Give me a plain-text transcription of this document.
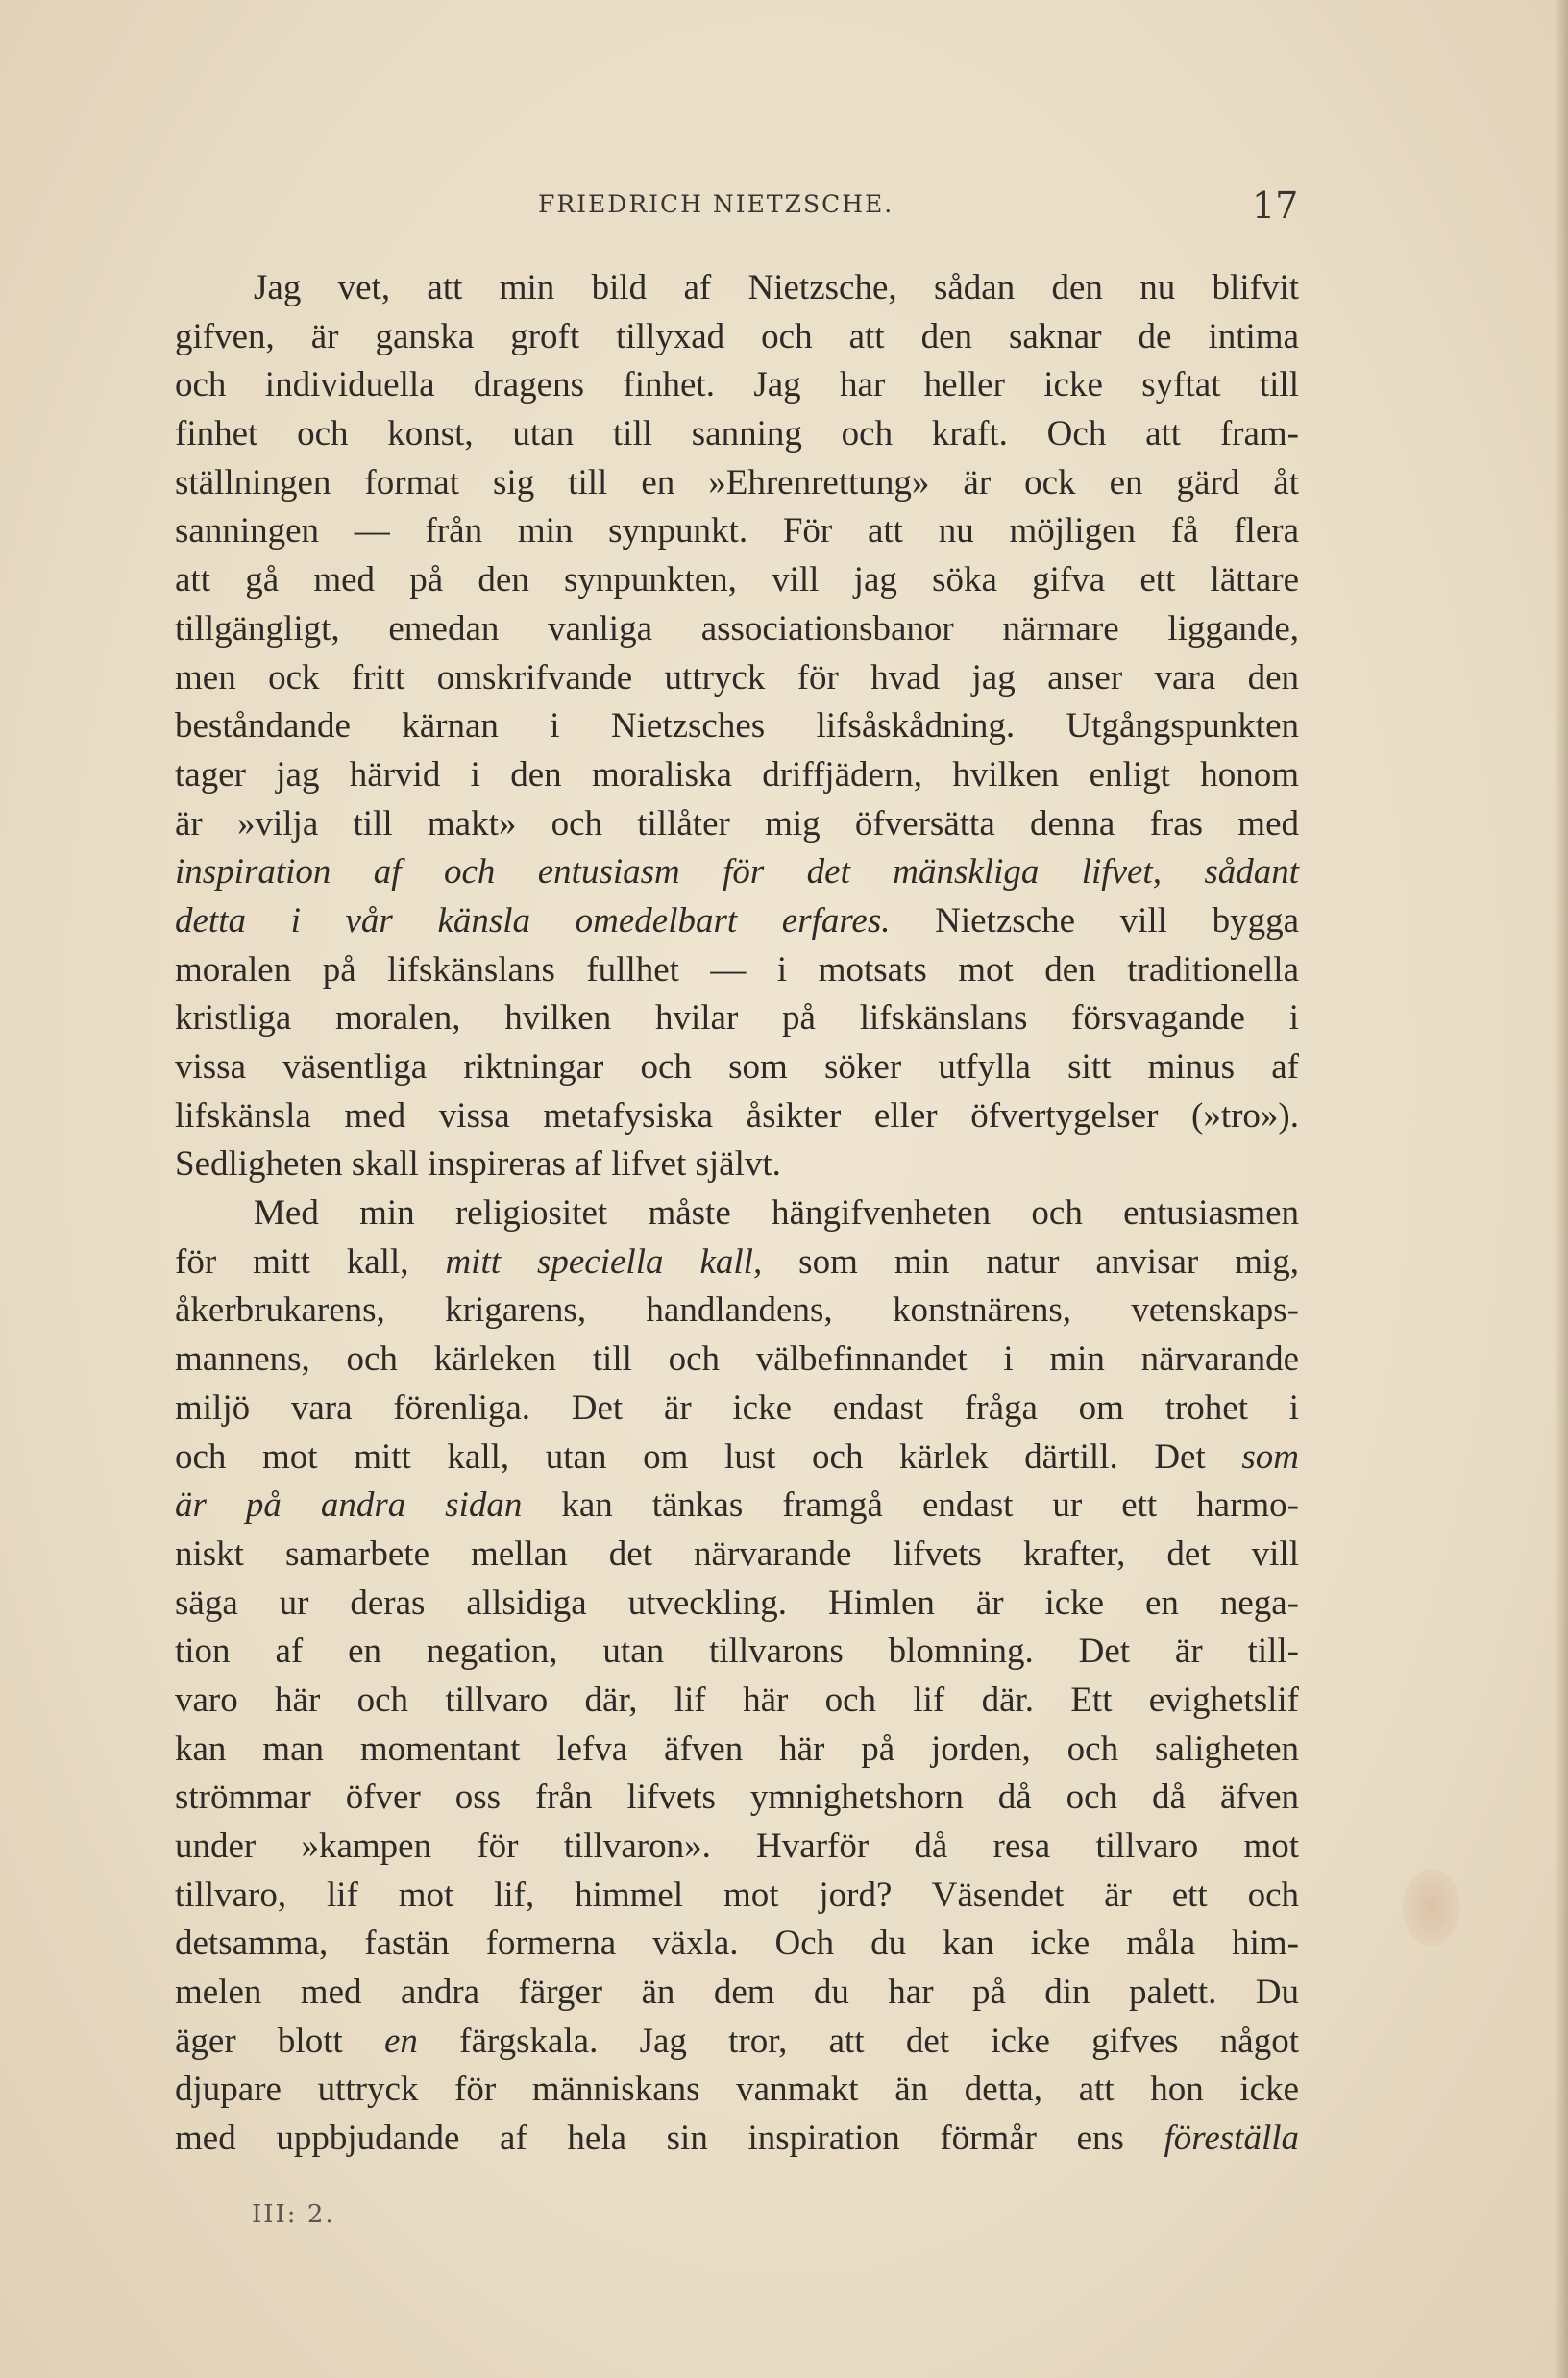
FRIEDRICH NIETZSCHE.	17
Jag vet, att min bild af Nietzsche, sådan den nu blifvit
gifven, är ganska groft tillyxad och att den saknar de intima
och individuella dragens finhet. Jag har heller icke syftat till
finhet och konst, utan till sanning och kraft. Och att fram-
ställningen format sig till en »Ehrenrettung» är ock en gärd åt
sanningen — från min synpunkt. För att nu möjligen få flera
att gå med på den synpunkten, vill jag söka gifva ett lättare
tillgängligt, emedan vanliga associationsbanor närmare liggande,
men ock fritt omskrifvande uttryck för hvad jag anser vara den
beståndande kärnan i Nietzsches lifsåskådning. Utgångspunkten
tager jag härvid i den moraliska driffjädern, hvilken enligt honom
är »vilja till makt» och tillåter mig öfversätta denna fras med
inspiration af och entusiasm för det mänskliga lifvet, sådant
detta i vår känsla omedelbart erfares. Nietzsche vill bygga
moralen på lifskänslans fullhet — i motsats mot den traditionella
kristliga moralen, hvilken hvilar på lifskänslans försvagande i
vissa väsentliga riktningar och som söker utfylla sitt minus af
lifskänsla med vissa metafysiska åsikter eller öfvertygelser (»tro»).
Sedligheten skall inspireras af lifvet självt.
Med min religiositet måste hängifvenheten och entusiasmen
för mitt kall, mitt speciella kall, som min natur anvisar mig,
åkerbrukarens, krigarens, handlandens, konstnärens, vetenskaps-
mannens, och kärleken till och välbefinnandet i min närvarande
miljö vara förenliga. Det är icke endast fråga om trohet i
och mot mitt kall, utan om lust och kärlek därtill. Det som
är på andra sidan kan tänkas framgå endast ur ett harmo-
niskt samarbete mellan det närvarande lifvets krafter, det vill
säga ur deras allsidiga utveckling. Himlen är icke en nega-
tion af en negation, utan tillvarons blomning. Det är till-
varo här och tillvaro där, lif här och lif där. Ett evighetslif
kan man momentant lefva äfven här på jorden, och saligheten
strömmar öfver oss från lifvets ymnighetshorn då och då äfven
under »kampen för tillvaron». Hvarför då resa tillvaro mot
tillvaro, lif mot lif, himmel mot jord? Väsendet är ett och
detsamma, fastän formerna växla. Och du kan icke måla him-
melen med andra färger än dem du har på din palett. Du
äger blott en färgskala. Jag tror, att det icke gifves något
djupare uttryck för människans vanmakt än detta, att hon icke
med uppbjudande af hela sin inspiration förmår ens föreställa
III: 2.
